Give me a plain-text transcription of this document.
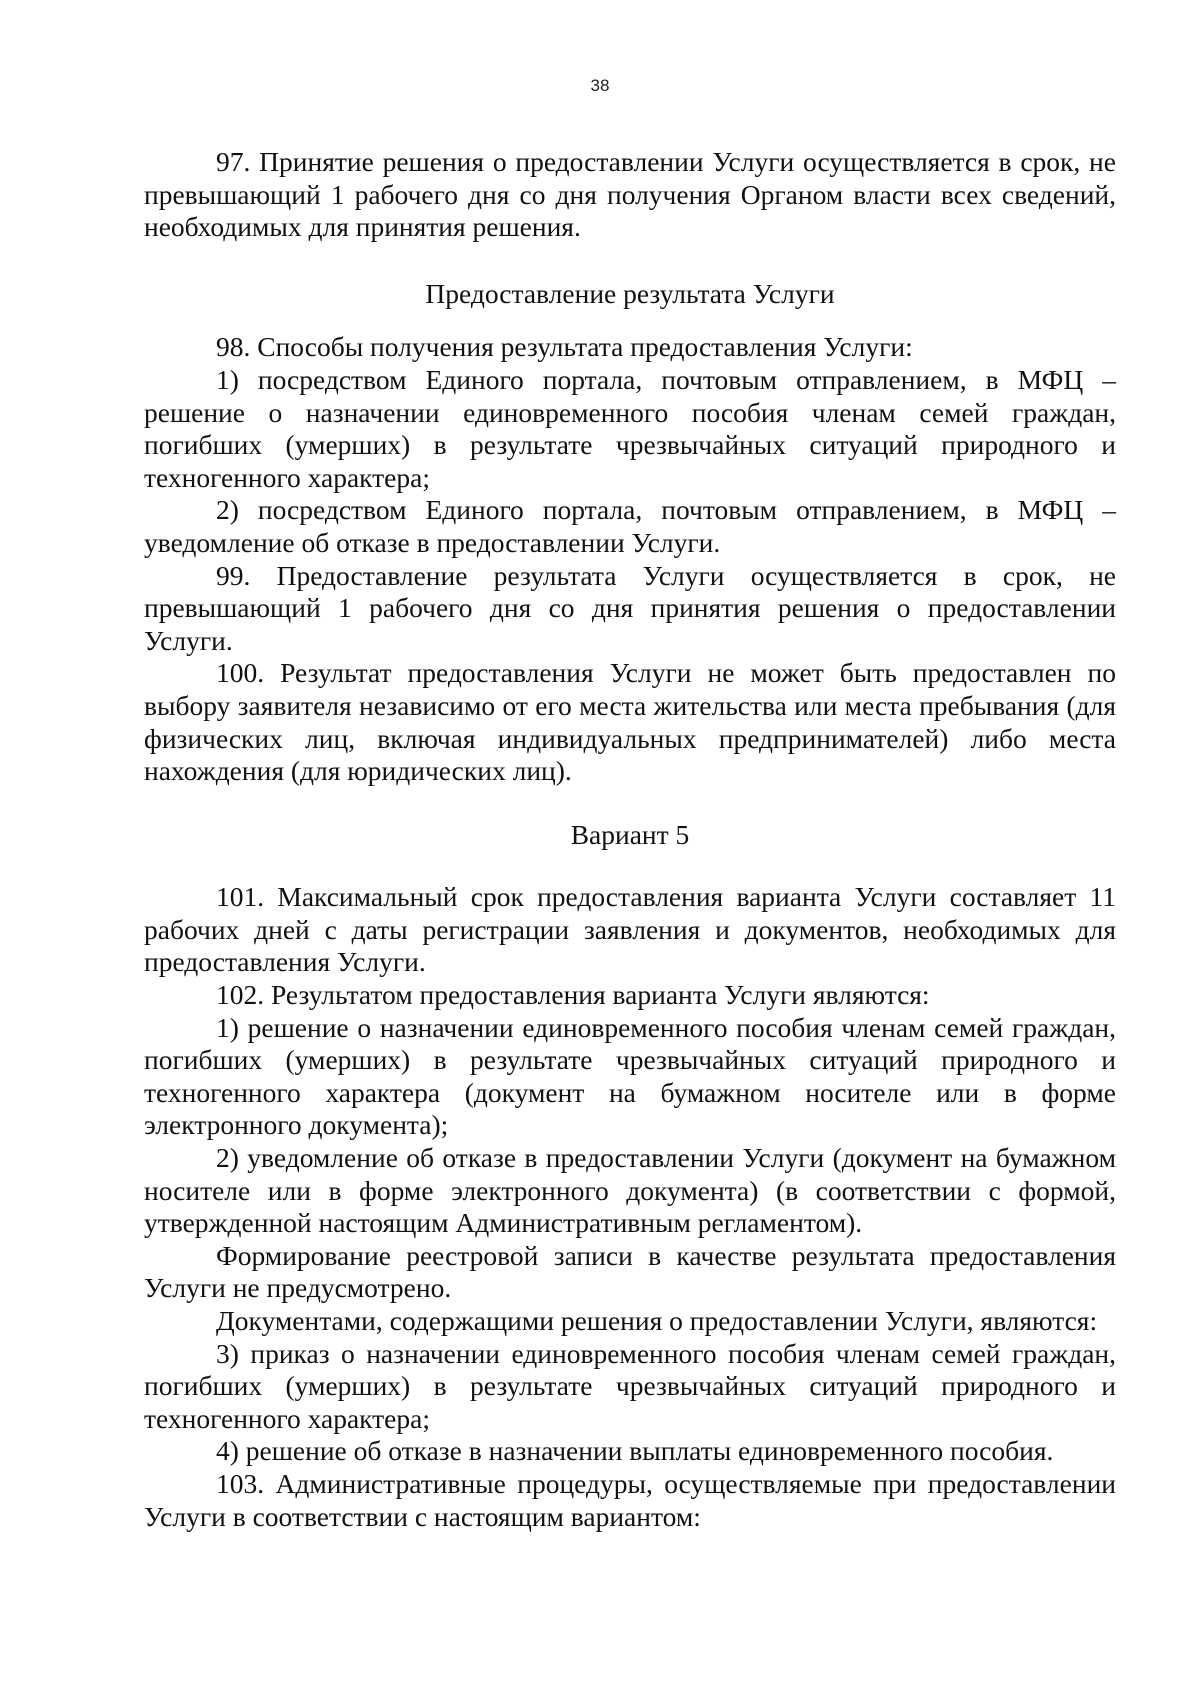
38

97. Принятие решения о предоставлении Услуги осуществляется в срок, не превышающий 1 рабочего дня со дня получения Органом власти всех сведений, необходимых для принятия решения.

Предоставление результата Услуги

98. Способы получения результата предоставления Услуги:

1) посредством Единого портала, почтовым отправлением, в МФЦ – решение о назначении единовременного пособия членам семей граждан, погибших (умерших) в результате чрезвычайных ситуаций природного и техногенного характера;

2) посредством Единого портала, почтовым отправлением, в МФЦ – уведомление об отказе в предоставлении Услуги.

99. Предоставление результата Услуги осуществляется в срок, не превышающий 1 рабочего дня со дня принятия решения о предоставлении Услуги.

100. Результат предоставления Услуги не может быть предоставлен по выбору заявителя независимо от его места жительства или места пребывания (для физических лиц, включая индивидуальных предпринимателей) либо места нахождения (для юридических лиц).

Вариант 5

101. Максимальный срок предоставления варианта Услуги составляет 11 рабочих дней с даты регистрации заявления и документов, необходимых для предоставления Услуги.

102. Результатом предоставления варианта Услуги являются:

1) решение о назначении единовременного пособия членам семей граждан, погибших (умерших) в результате чрезвычайных ситуаций природного и техногенного характера (документ на бумажном носителе или в форме электронного документа);

2) уведомление об отказе в предоставлении Услуги (документ на бумажном носителе или в форме электронного документа) (в соответствии с формой, утвержденной настоящим Административным регламентом).

Формирование реестровой записи в качестве результата предоставления Услуги не предусмотрено.

Документами, содержащими решения о предоставлении Услуги, являются:

3) приказ о назначении единовременного пособия членам семей граждан, погибших (умерших) в результате чрезвычайных ситуаций природного и техногенного характера;

4) решение об отказе в назначении выплаты единовременного пособия.

103. Административные процедуры, осуществляемые при предоставлении Услуги в соответствии с настоящим вариантом:
